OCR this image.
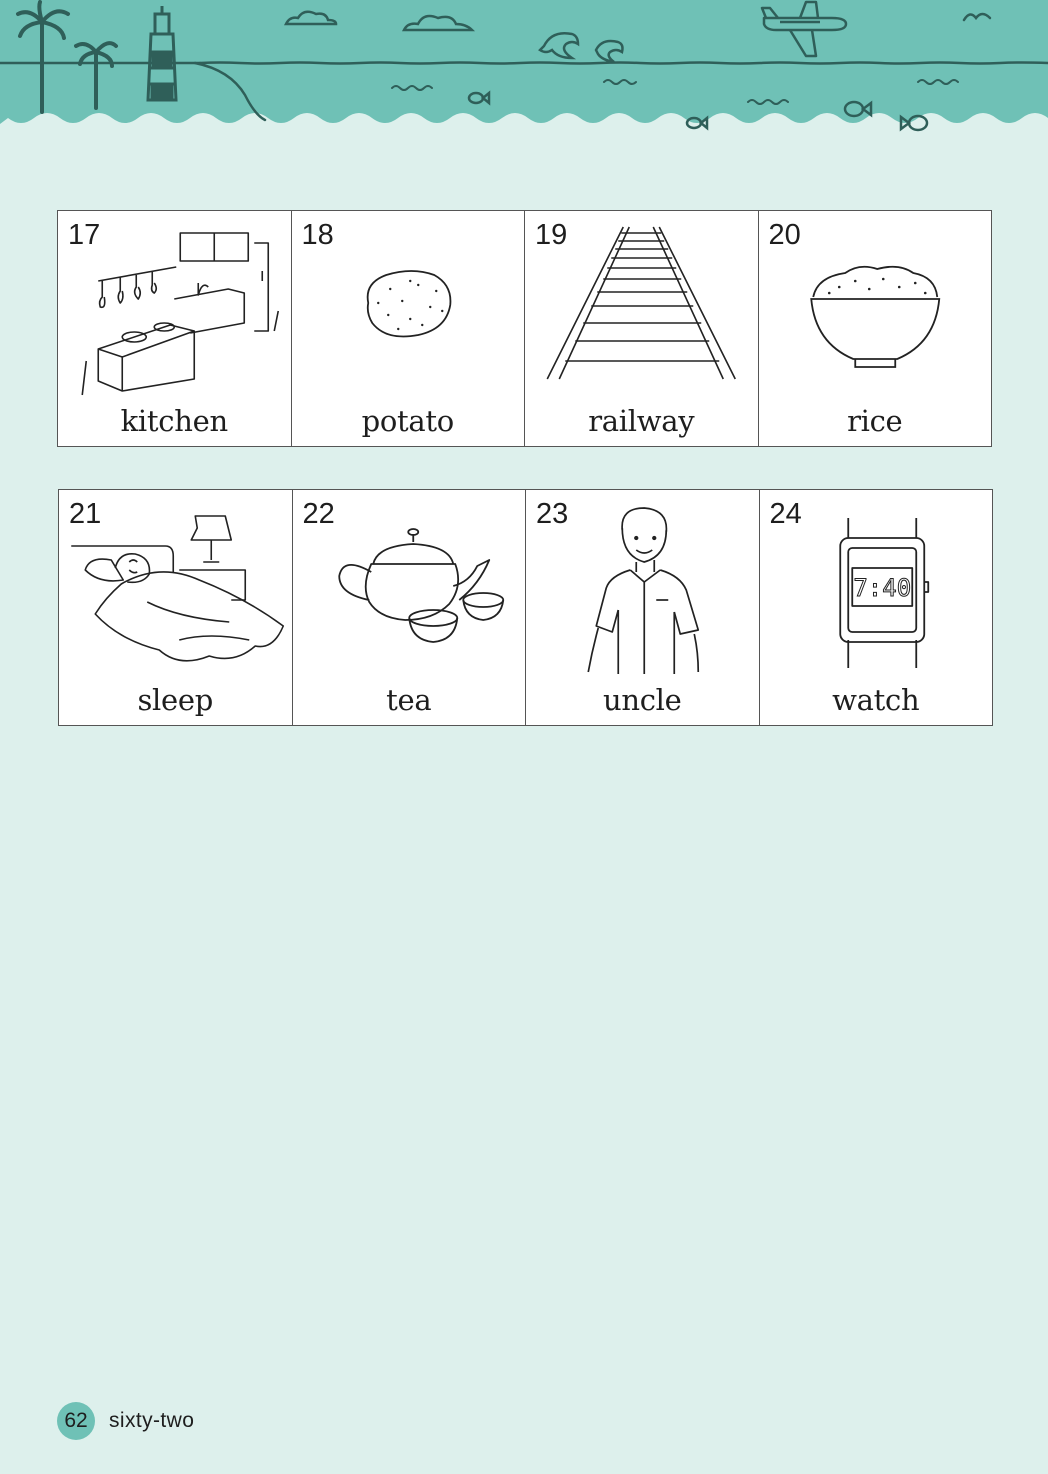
17
kitchen
18
potato
19
railway
20
rice
21
sleep
22
tea
23
uncle
24
7:40
watch
62 sixty-two
